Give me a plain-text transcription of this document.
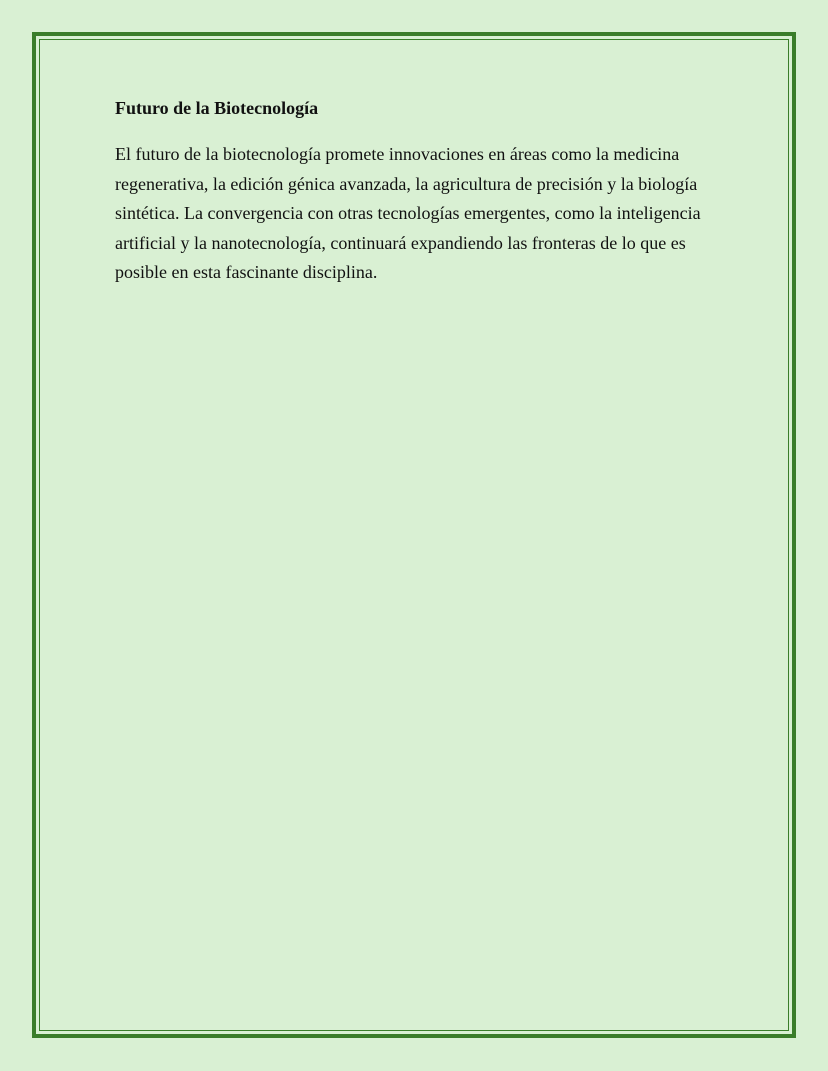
Futuro de la Biotecnología

El futuro de la biotecnología promete innovaciones en áreas como la medicina regenerativa, la edición génica avanzada, la agricultura de precisión y la biología sintética. La convergencia con otras tecnologías emergentes, como la inteligencia artificial y la nanotecnología, continuará expandiendo las fronteras de lo que es posible en esta fascinante disciplina.
